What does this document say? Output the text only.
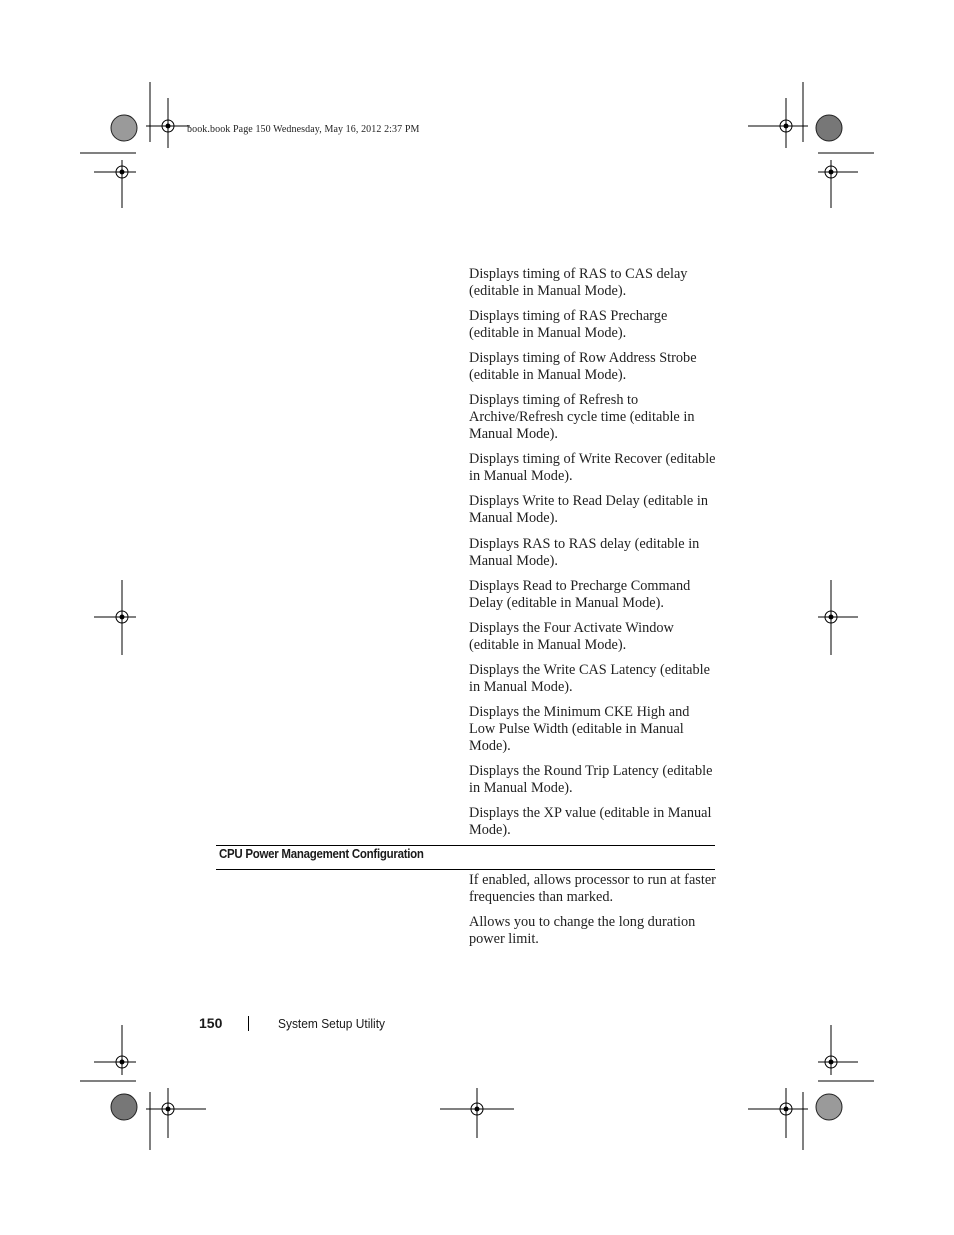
book.book Page 150 Wednesday, May 16, 2012 2:37 PM
Displays timing of RAS to CAS delay (editable in Manual Mode).
Displays timing of RAS Precharge (editable in Manual Mode).
Displays timing of Row Address Strobe (editable in Manual Mode).
Displays timing of Refresh to Archive/Refresh cycle time (editable in Manual Mode).
Displays timing of Write Recover (editable in Manual Mode).
Displays Write to Read Delay (editable in Manual Mode).
Displays RAS to RAS delay (editable in Manual Mode).
Displays Read to Precharge Command Delay (editable in Manual Mode).
Displays the Four Activate Window (editable in Manual Mode).
Displays the Write CAS Latency (editable in Manual Mode).
Displays the Minimum CKE High and Low Pulse Width (editable in Manual Mode).
Displays the Round Trip Latency (editable in Manual Mode).
Displays the XP value (editable in Manual Mode).
CPU Power Management Configuration
If enabled, allows processor to run at faster frequencies than marked.
Allows you to change the long duration power limit.
150	System Setup Utility
